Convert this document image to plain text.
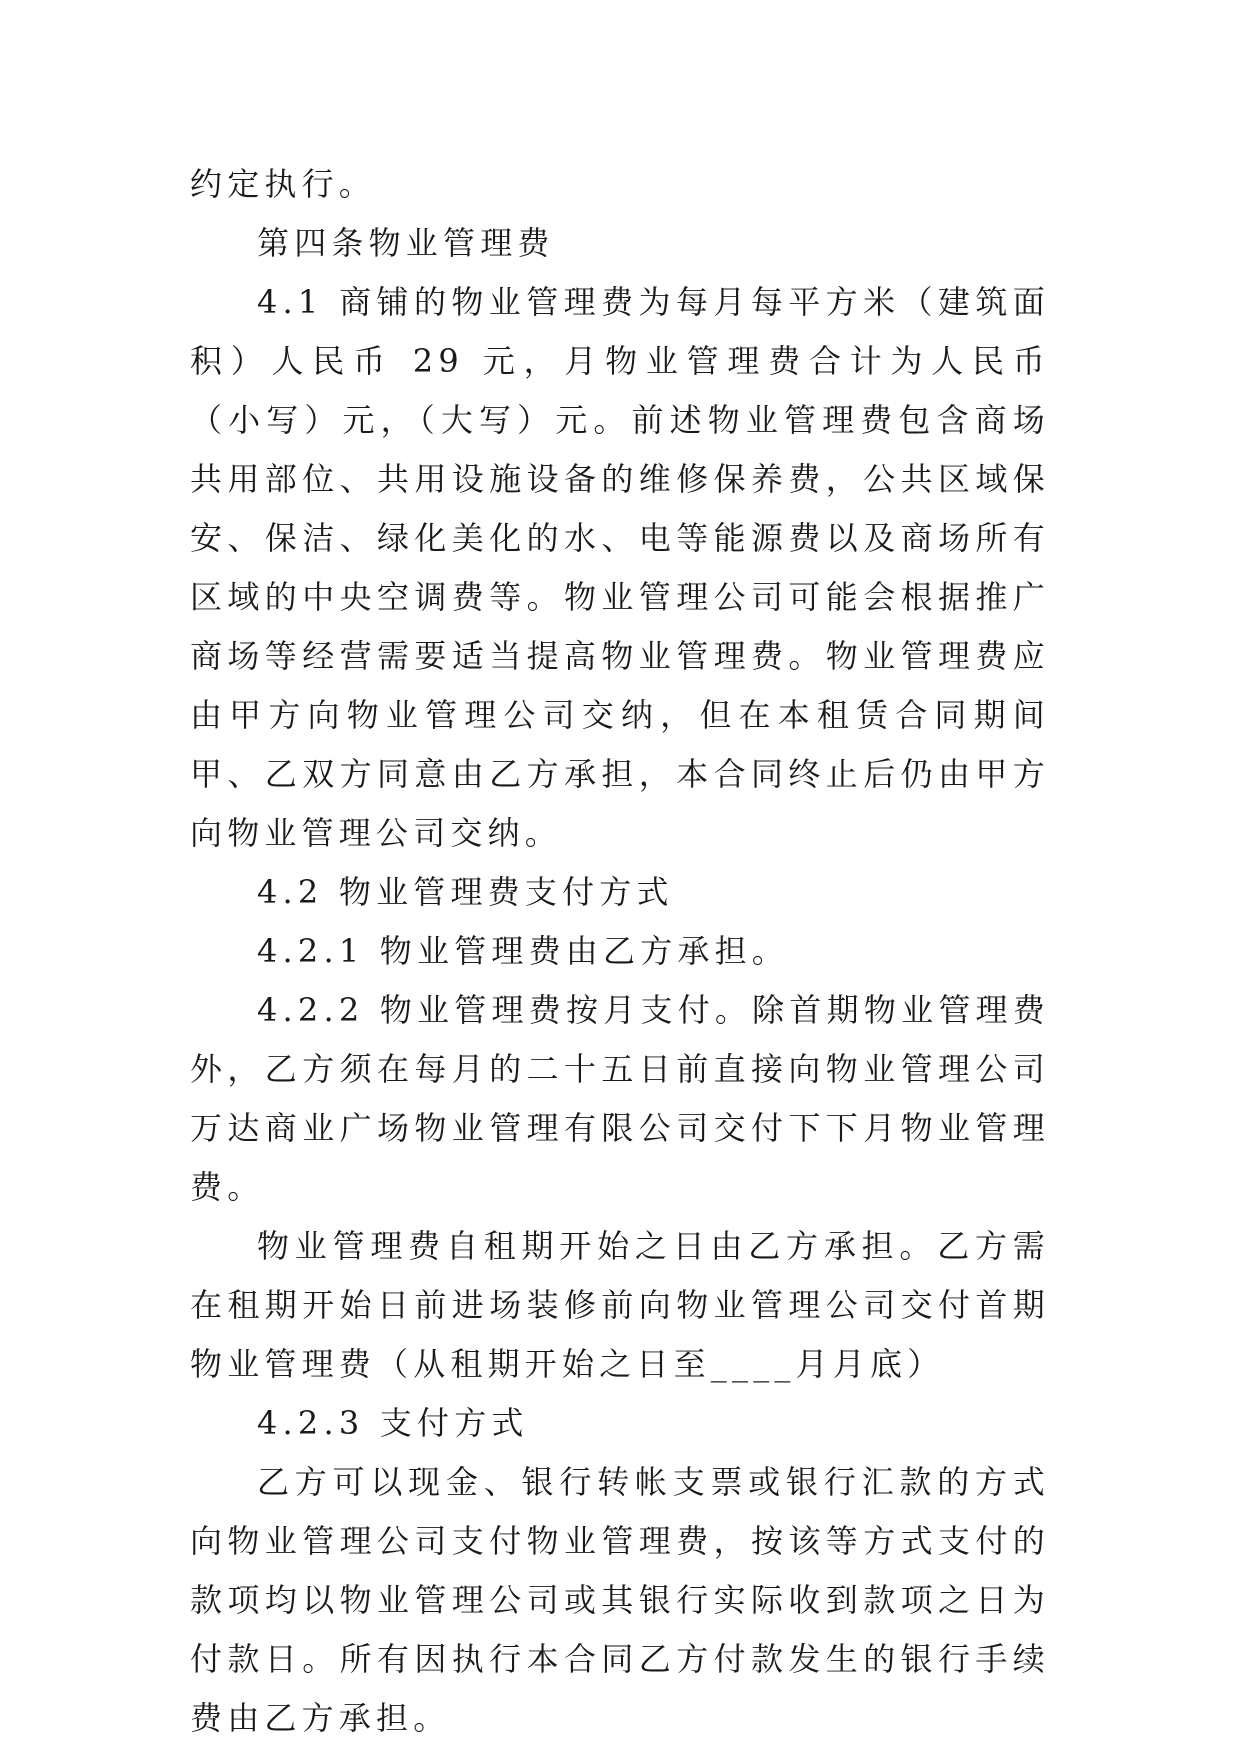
约定执行。

第四条物业管理费

4.1 商铺的物业管理费为每月每平方米（建筑面积）人民币 29 元，月物业管理费合计为人民币（小写）元，（大写）元。前述物业管理费包含商场共用部位、共用设施设备的维修保养费，公共区域保安、保洁、绿化美化的水、电等能源费以及商场所有区域的中央空调费等。物业管理公司可能会根据推广商场等经营需要适当提高物业管理费。物业管理费应由甲方向物业管理公司交纳，但在本租赁合同期间甲、乙双方同意由乙方承担，本合同终止后仍由甲方向物业管理公司交纳。

4.2 物业管理费支付方式

4.2.1 物业管理费由乙方承担。

4.2.2 物业管理费按月支付。除首期物业管理费外，乙方须在每月的二十五日前直接向物业管理公司万达商业广场物业管理有限公司交付下下月物业管理费。

物业管理费自租期开始之日由乙方承担。乙方需在租期开始日前进场装修前向物业管理公司交付首期物业管理费（从租期开始之日至____月月底）

4.2.3 支付方式

乙方可以现金、银行转帐支票或银行汇款的方式向物业管理公司支付物业管理费，按该等方式支付的款项均以物业管理公司或其银行实际收到款项之日为付款日。所有因执行本合同乙方付款发生的银行手续费由乙方承担。
